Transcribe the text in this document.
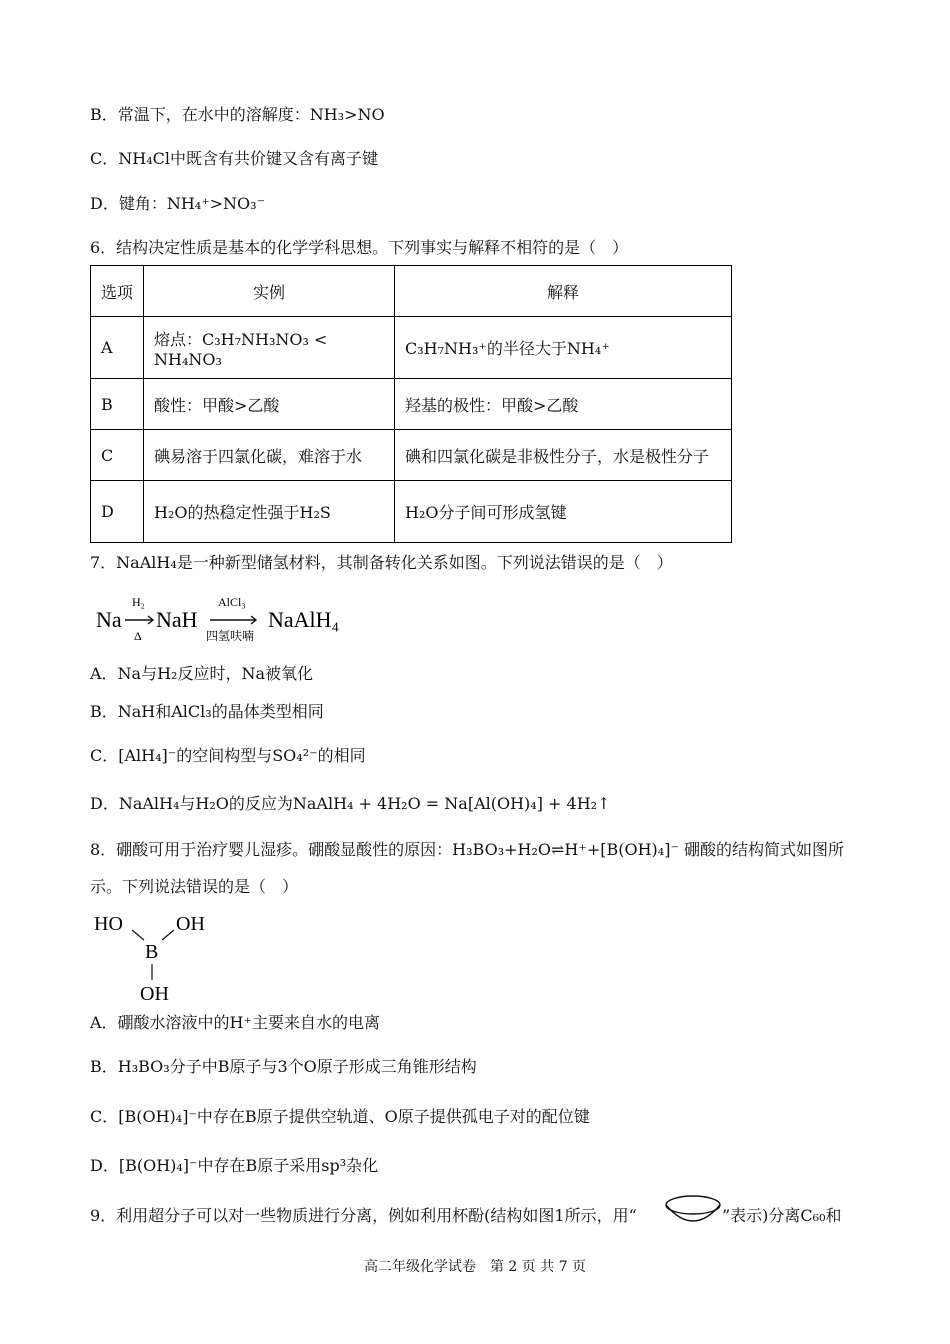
B．常温下，在水中的溶解度：NH₃>NO
C．NH₄Cl中既含有共价键又含有离子键
D．键角：NH₄⁺>NO₃⁻
6．结构决定性质是基本的化学学科思想。下列事实与解释不相符的是（　）
选项	实例	解释
A	熔点：C₃H₇NH₃NO₃ < NH₄NO₃	C₃H₇NH₃⁺的半径大于NH₄⁺
B	酸性：甲酸>乙酸	羟基的极性：甲酸>乙酸
C	碘易溶于四氯化碳，难溶于水	碘和四氯化碳是非极性分子，水是极性分子
D	H₂O的热稳定性强于H₂S	H₂O分子间可形成氢键
7．NaAlH₄是一种新型储氢材料，其制备转化关系如图。下列说法错误的是（　）
Na
H₂
Δ
NaH
AlCl₃
四氢呋喃
NaAlH₄
A．Na与H₂反应时，Na被氧化
B．NaH和AlCl₃的晶体类型相同
C．[AlH₄]⁻的空间构型与SO₄²⁻的相同
D．NaAlH₄与H₂O的反应为NaAlH₄ + 4H₂O = Na[Al(OH)₄] + 4H₂↑
8．硼酸可用于治疗婴儿湿疹。硼酸显酸性的原因：H₃BO₃+H₂O⇌H⁺+[B(OH)₄]⁻ 硼酸的结构简式如图所
示。下列说法错误的是（　）
HO	OH
B
OH
A．硼酸水溶液中的H⁺主要来自水的电离
B．H₃BO₃分子中B原子与3个O原子形成三角锥形结构
C．[B(OH)₄]⁻中存在B原子提供空轨道、O原子提供孤电子对的配位键
D．[B(OH)₄]⁻中存在B原子采用sp³杂化
9．利用超分子可以对一些物质进行分离，例如利用杯酚(结构如图1所示，用“	”表示)分离C₆₀和
高二年级化学试卷　第 2 页 共 7 页
